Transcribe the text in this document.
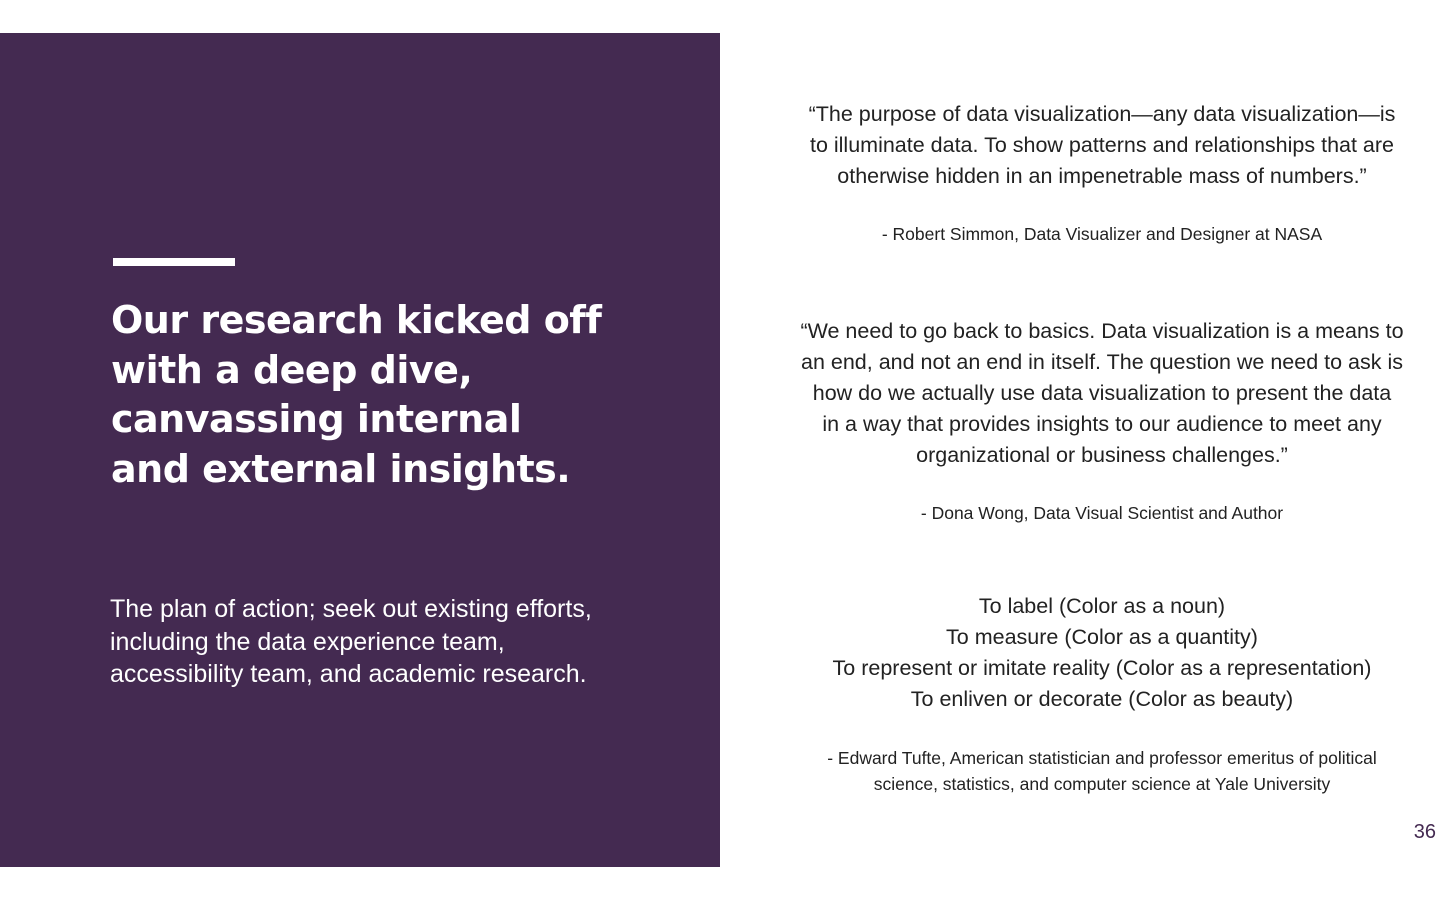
Our research kicked off
with a deep dive,
canvassing internal
and external insights.

The plan of action; seek out existing efforts,
including the data experience team,
accessibility team, and academic research.

“The purpose of data visualization—any data visualization—is
to illuminate data. To show patterns and relationships that are
otherwise hidden in an impenetrable mass of numbers.”

- Robert Simmon, Data Visualizer and Designer at NASA

“We need to go back to basics. Data visualization is a means to
an end, and not an end in itself. The question we need to ask is
how do we actually use data visualization to present the data
in a way that provides insights to our audience to meet any
organizational or business challenges.”

- Dona Wong, Data Visual Scientist and Author

To label (Color as a noun)
To measure (Color as a quantity)
To represent or imitate reality (Color as a representation)
To enliven or decorate (Color as beauty)

- Edward Tufte, American statistician and professor emeritus of political
science, statistics, and computer science at Yale University

36
